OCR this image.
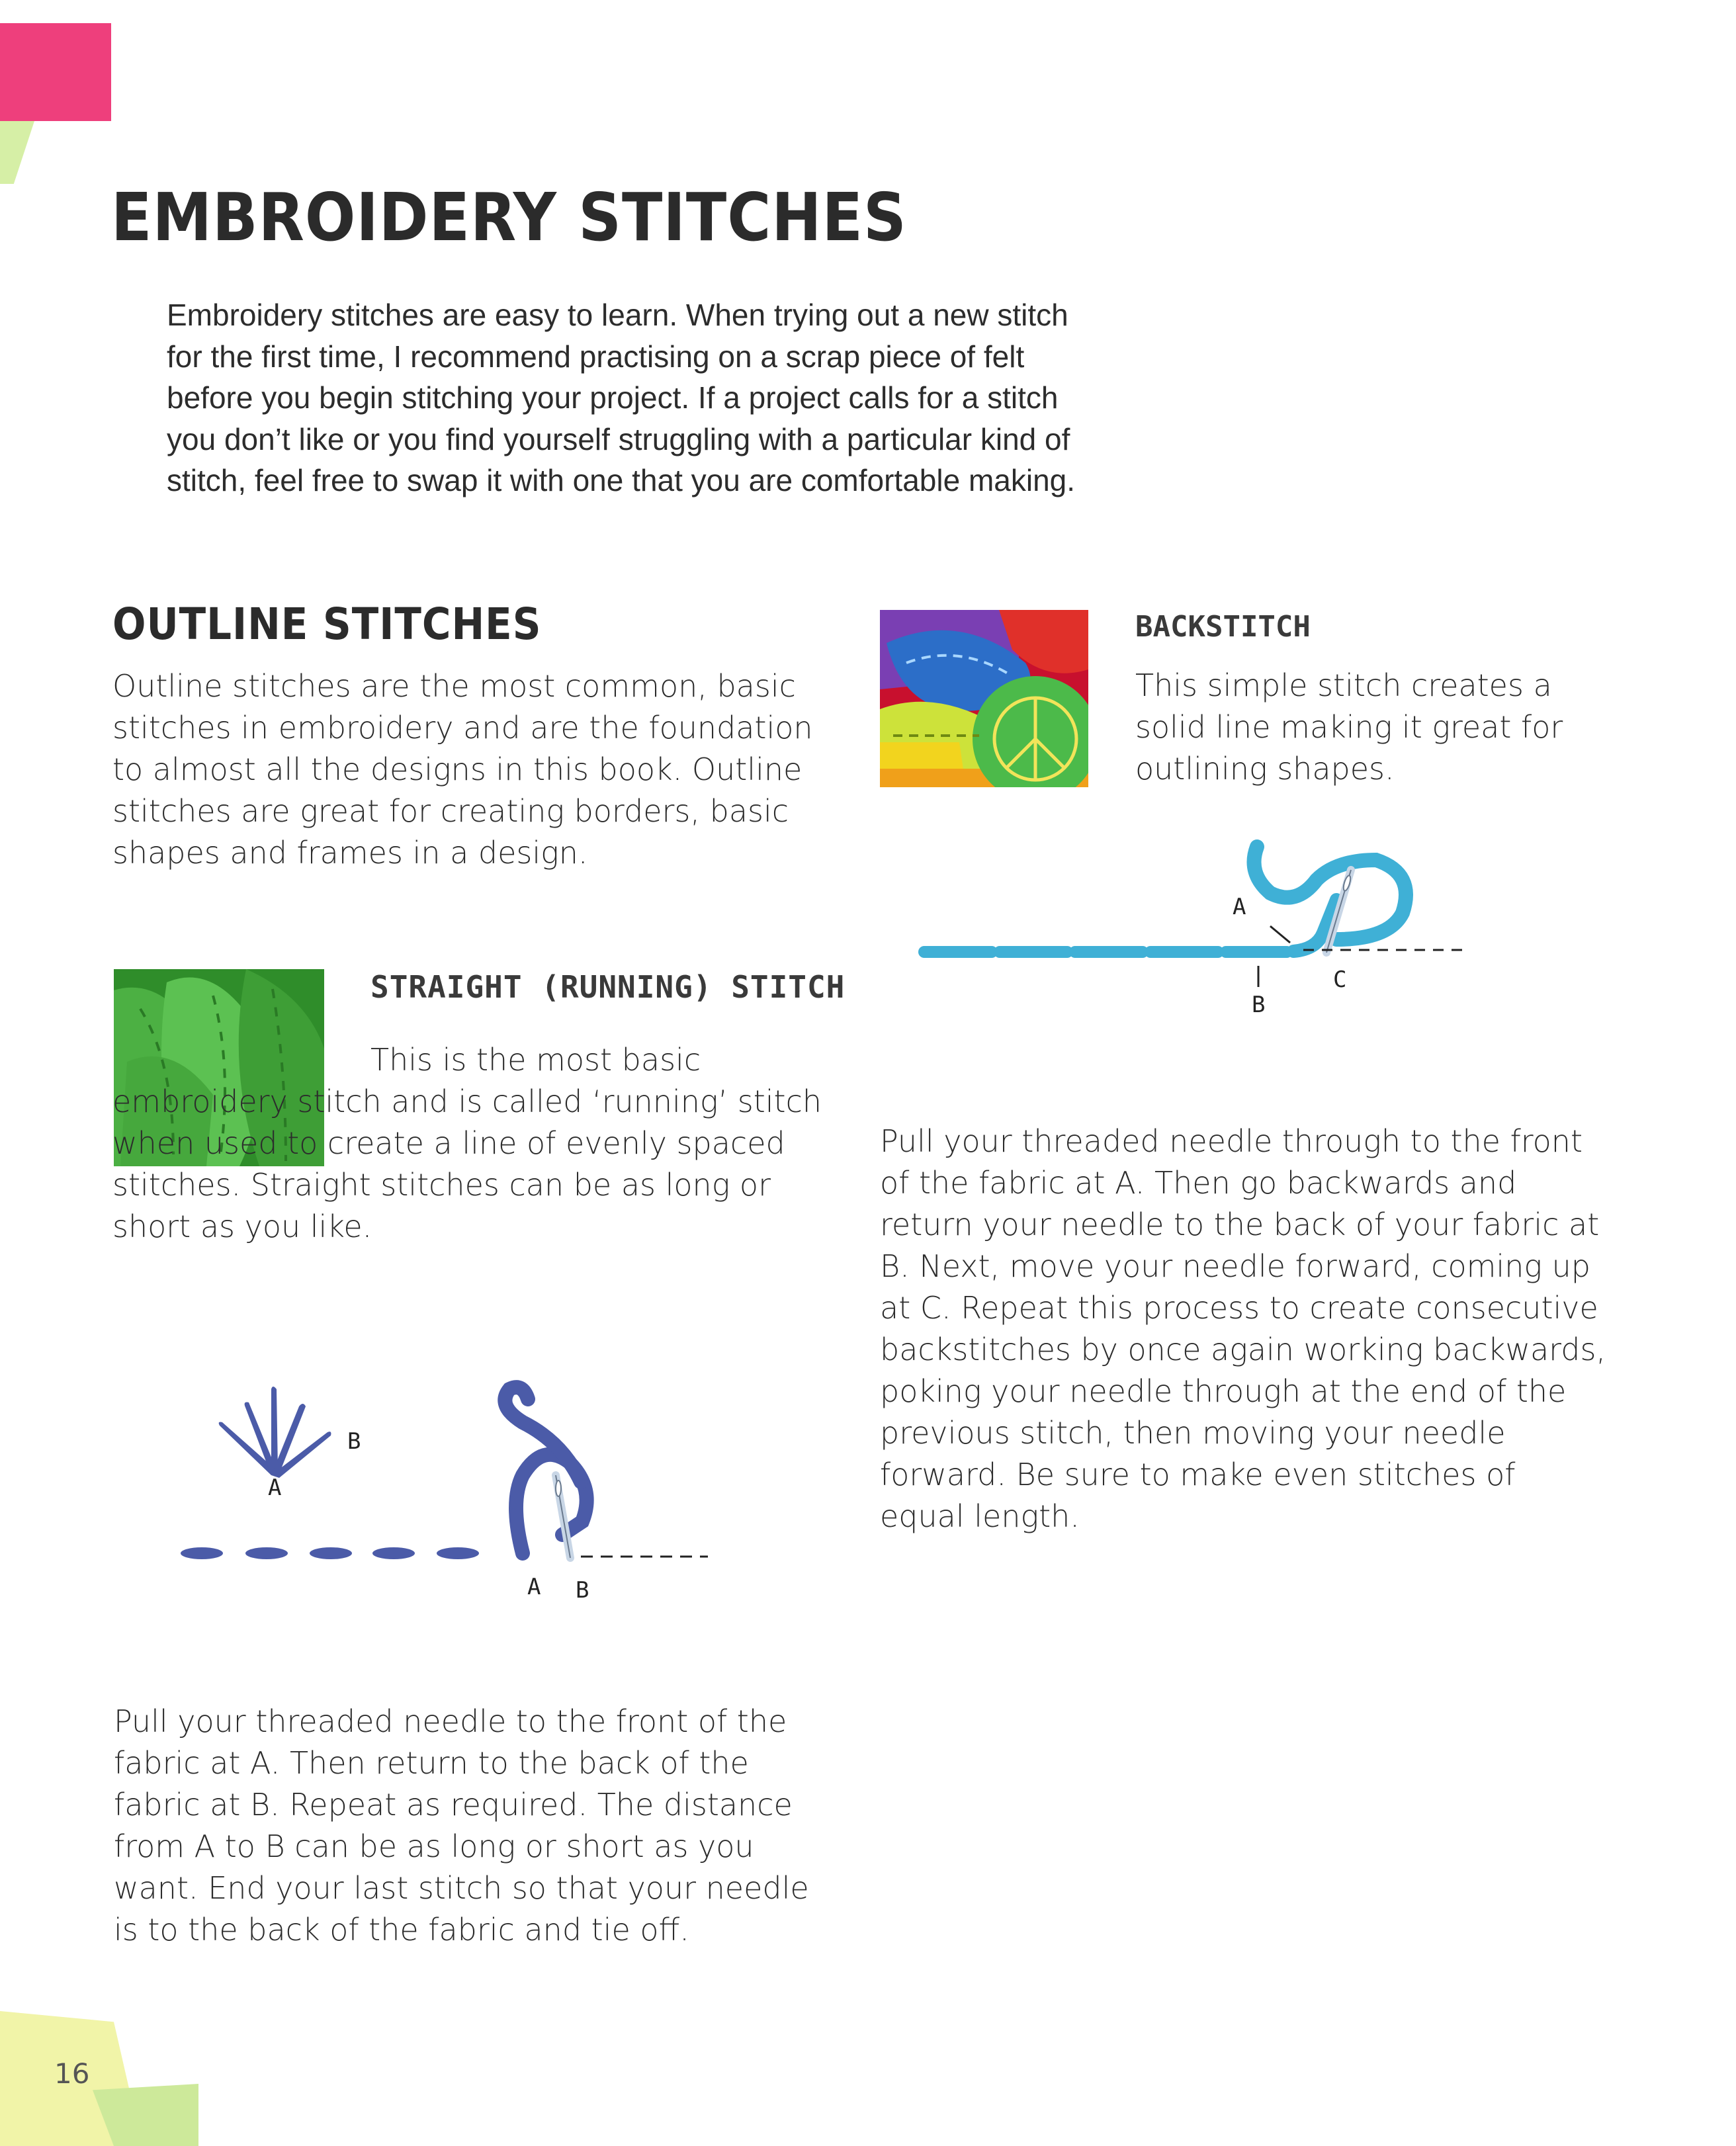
EMBROIDERY STITCHES

Embroidery stitches are easy to learn. When trying out a new stitch for the first time, I recommend practising on a scrap piece of felt before you begin stitching your project. If a project calls for a stitch you don’t like or you find yourself struggling with a particular kind of stitch, feel free to swap it with one that you are comfortable making.

OUTLINE STITCHES

Outline stitches are the most common, basic stitches in embroidery and are the foundation to almost all the designs in this book. Outline stitches are great for creating borders, basic shapes and frames in a design.

STRAIGHT (RUNNING) STITCH

This is the most basic embroidery stitch and is called ‘running’ stitch when used to create a line of evenly spaced stitches. Straight stitches can be as long or short as you like.

A
B
A B

Pull your threaded needle to the front of the fabric at A. Then return to the back of the fabric at B. Repeat as required. The distance from A to B can be as long or short as you want. End your last stitch so that your needle is to the back of the fabric and tie off.

BACKSTITCH

This simple stitch creates a solid line making it great for outlining shapes.

A
B
C

Pull your threaded needle through to the front of the fabric at A. Then go backwards and return your needle to the back of your fabric at B. Next, move your needle forward, coming up at C. Repeat this process to create consecutive backstitches by once again working backwards, poking your needle through at the end of the previous stitch, then moving your needle forward. Be sure to make even stitches of equal length.

16
